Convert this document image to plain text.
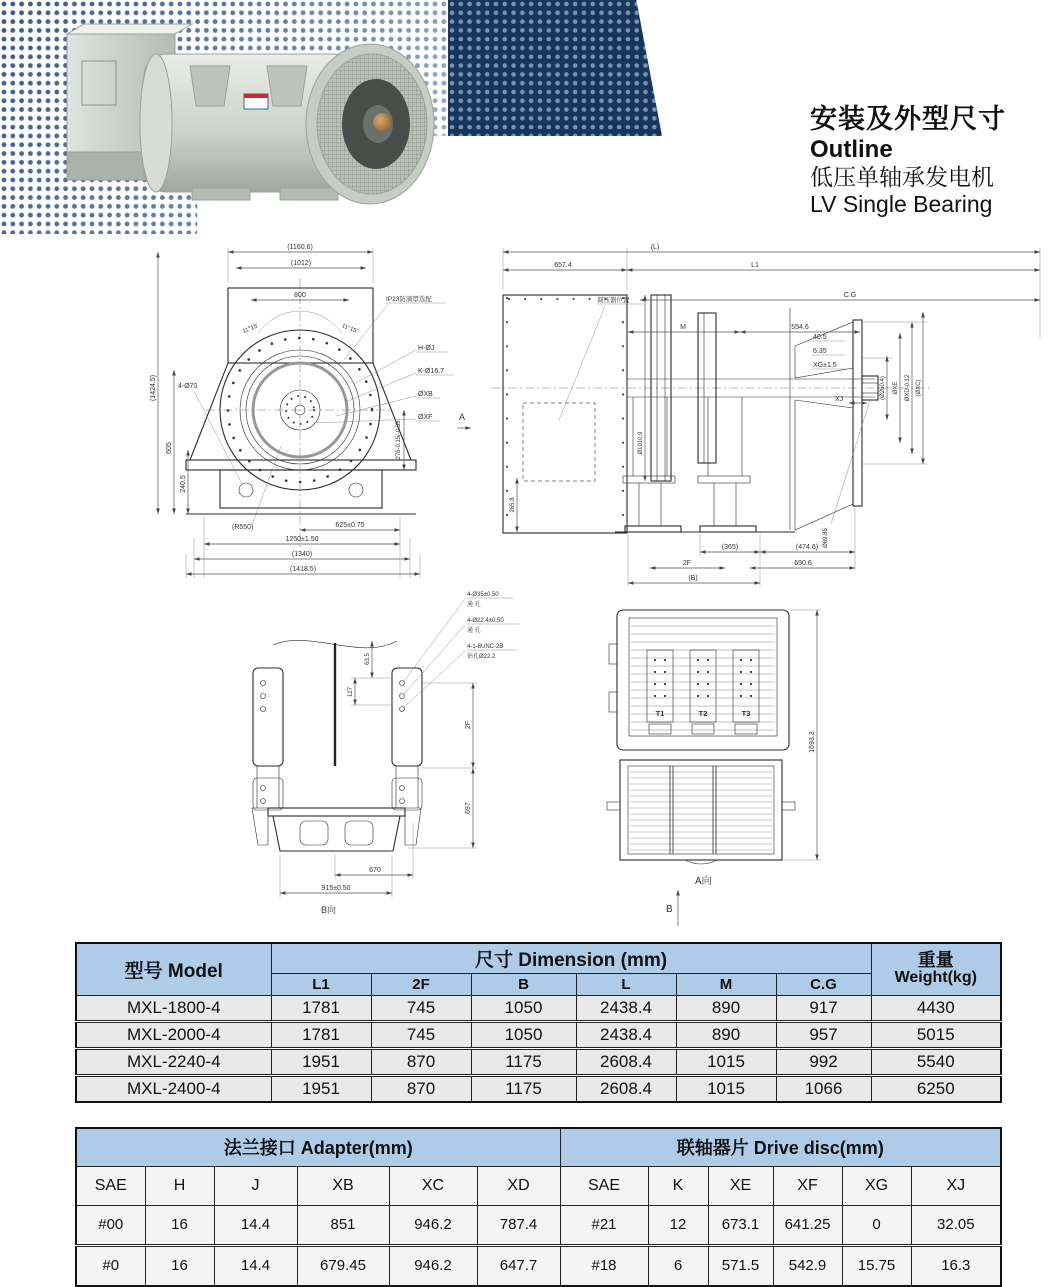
安装及外型尺寸
Outline
低压单轴承发电机
LV Single Bearing
(1160.6)
(1012)
800
11°15'	11°15'
(1424.5)
605
240.5
4-Ø70
IP23防滴罩选配
H-ØJ
K-Ø16.7
ØXB
ØXF
276-0.15/-0.35
(R550)	625±0.75
1250±1.50
(1340)
(1418.5)
调压器位置
A
(L)
657.4	L1
C.G
M	554.6
40.5
6.35
XG±1.5
XJ	(Ø260.4) ØXE ØXD-0.12 (ØXC)
Ø69.85
265.8
Ø1010.9
(365)	(474.6)
2F	690.6
(B)
4-Ø35±0.50
通 孔
4-Ø22.4±0.50
通 孔
4-1-8UNC-2B
钻孔Ø22.2
63.5
127
2F
697
670
915±0.50
B向
T1	T2	T3
1693.3
A向
B
型号 Model	尺寸 Dimension (mm)						重量
Weight(kg)

	L1	2F	B	L	M	C.G	
MXL-1800-4	1781	745	1050	2438.4	890	917	4430
MXL-2000-4	1781	745	1050	2438.4	890	957	5015
MXL-2240-4	1951	870	1175	2608.4	1015	992	5540
MXL-2400-4	1951	870	1175	2608.4	1015	1066	6250
法兰接口 Adapter(mm)						联轴器片 Drive disc(mm)					
SAE	H	J	XB	XC	XD	SAE	K	XE	XF	XG	XJ
#00	16	14.4	851	946.2	787.4	#21	12	673.1	641.25	0	32.05
#0	16	14.4	679.45	946.2	647.7	#18	6	571.5	542.9	15.75	16.3
